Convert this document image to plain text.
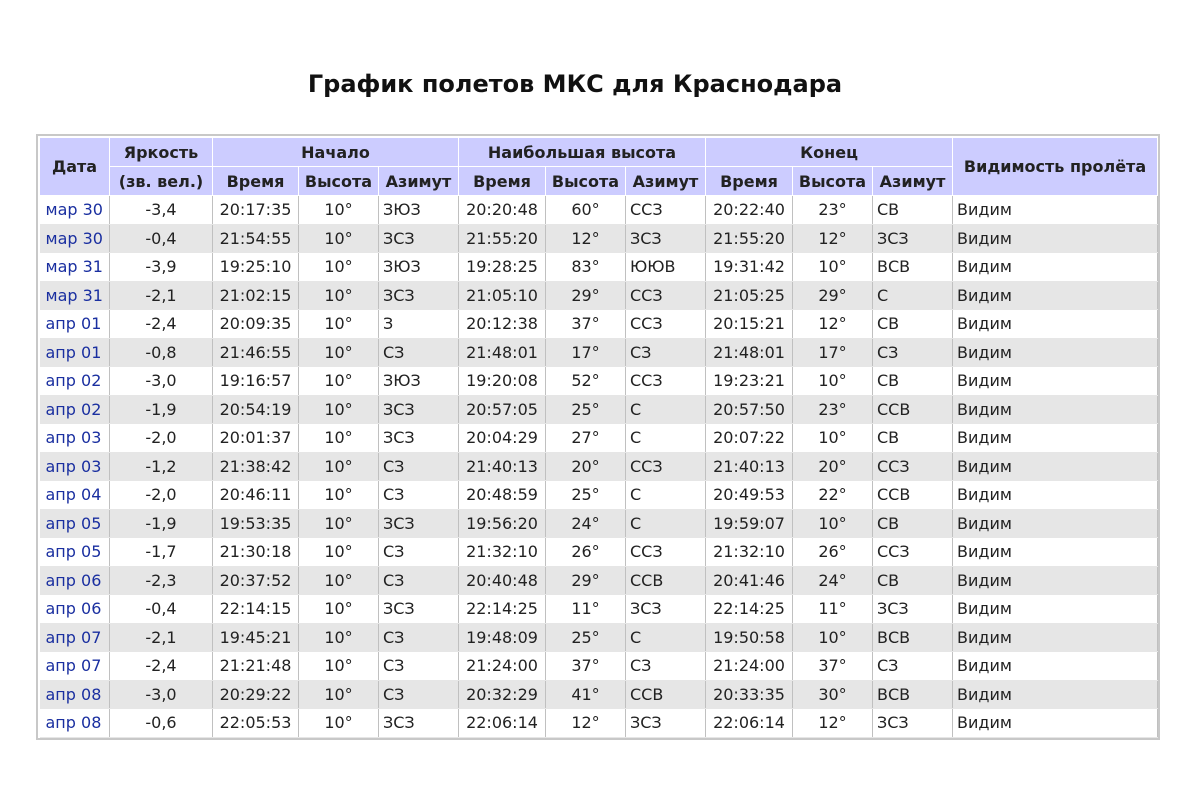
График полетов МКС для Краснодара
Дата	Яркость	Начало			Наибольшая высота			Конец			Видимость пролёта
	(зв. вел.)	Время	Высота	Азимут	Время	Высота	Азимут	Время	Высота	Азимут	
мар 30	-3,4	20:17:35	10°	ЗЮЗ	20:20:48	60°	ССЗ	20:22:40	23°	СВ	Видим
мар 30	-0,4	21:54:55	10°	ЗСЗ	21:55:20	12°	ЗСЗ	21:55:20	12°	ЗСЗ	Видим
мар 31	-3,9	19:25:10	10°	ЗЮЗ	19:28:25	83°	ЮЮВ	19:31:42	10°	ВСВ	Видим
мар 31	-2,1	21:02:15	10°	ЗСЗ	21:05:10	29°	ССЗ	21:05:25	29°	С	Видим
апр 01	-2,4	20:09:35	10°	З	20:12:38	37°	ССЗ	20:15:21	12°	СВ	Видим
апр 01	-0,8	21:46:55	10°	СЗ	21:48:01	17°	СЗ	21:48:01	17°	СЗ	Видим
апр 02	-3,0	19:16:57	10°	ЗЮЗ	19:20:08	52°	ССЗ	19:23:21	10°	СВ	Видим
апр 02	-1,9	20:54:19	10°	ЗСЗ	20:57:05	25°	С	20:57:50	23°	ССВ	Видим
апр 03	-2,0	20:01:37	10°	ЗСЗ	20:04:29	27°	С	20:07:22	10°	СВ	Видим
апр 03	-1,2	21:38:42	10°	СЗ	21:40:13	20°	ССЗ	21:40:13	20°	ССЗ	Видим
апр 04	-2,0	20:46:11	10°	СЗ	20:48:59	25°	С	20:49:53	22°	ССВ	Видим
апр 05	-1,9	19:53:35	10°	ЗСЗ	19:56:20	24°	С	19:59:07	10°	СВ	Видим
апр 05	-1,7	21:30:18	10°	СЗ	21:32:10	26°	ССЗ	21:32:10	26°	ССЗ	Видим
апр 06	-2,3	20:37:52	10°	СЗ	20:40:48	29°	ССВ	20:41:46	24°	СВ	Видим
апр 06	-0,4	22:14:15	10°	ЗСЗ	22:14:25	11°	ЗСЗ	22:14:25	11°	ЗСЗ	Видим
апр 07	-2,1	19:45:21	10°	СЗ	19:48:09	25°	С	19:50:58	10°	ВСВ	Видим
апр 07	-2,4	21:21:48	10°	СЗ	21:24:00	37°	СЗ	21:24:00	37°	СЗ	Видим
апр 08	-3,0	20:29:22	10°	СЗ	20:32:29	41°	ССВ	20:33:35	30°	ВСВ	Видим
апр 08	-0,6	22:05:53	10°	ЗСЗ	22:06:14	12°	ЗСЗ	22:06:14	12°	ЗСЗ	Видим
